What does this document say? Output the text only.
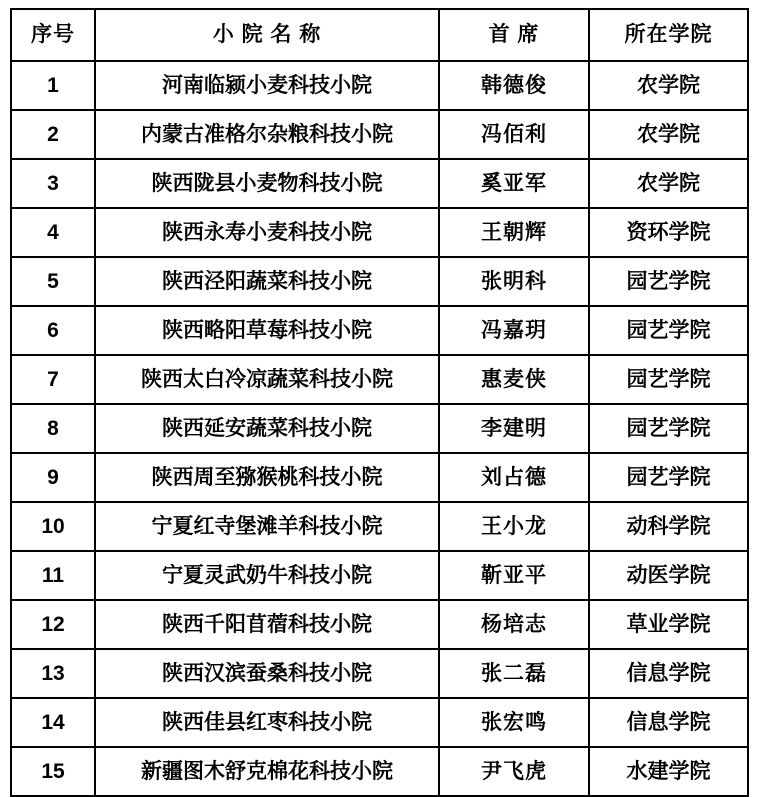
序号	小 院 名 称	首 席	所在学院
1	河南临颍小麦科技小院	韩德俊	农学院
2	内蒙古准格尔杂粮科技小院	冯佰利	农学院
3	陕西陇县小麦物科技小院	奚亚军	农学院
4	陕西永寿小麦科技小院	王朝辉	资环学院
5	陕西泾阳蔬菜科技小院	张明科	园艺学院
6	陕西略阳草莓科技小院	冯嘉玥	园艺学院
7	陕西太白冷凉蔬菜科技小院	惠麦侠	园艺学院
8	陕西延安蔬菜科技小院	李建明	园艺学院
9	陕西周至猕猴桃科技小院	刘占德	园艺学院
10	宁夏红寺堡滩羊科技小院	王小龙	动科学院
11	宁夏灵武奶牛科技小院	靳亚平	动医学院
12	陕西千阳苜蓿科技小院	杨培志	草业学院
13	陕西汉滨蚕桑科技小院	张二磊	信息学院
14	陕西佳县红枣科技小院	张宏鸣	信息学院
15	新疆图木舒克棉花科技小院	尹飞虎	水建学院
